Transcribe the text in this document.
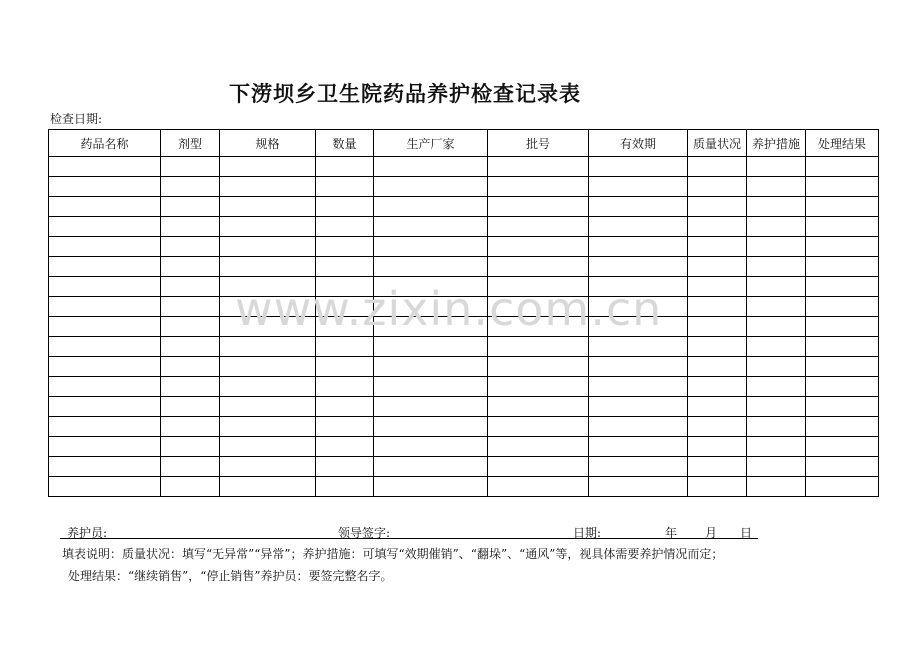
下涝坝乡卫生院药品养护检查记录表
检查日期:
药品名称	剂型	规格	数量	生产厂家	批号	有效期	质量状况	养护措施	处理结果

www.zixin.com.cn
养护员:	领导签字:	日期:	年 月 日
填表说明：质量状况：填写“无异常”“异常”；养护措施：可填写“效期催销”、“翻垛”、“通风”等，视具体需要养护情况而定；
处理结果：“继续销售”，“停止销售”养护员：要签完整名字。
